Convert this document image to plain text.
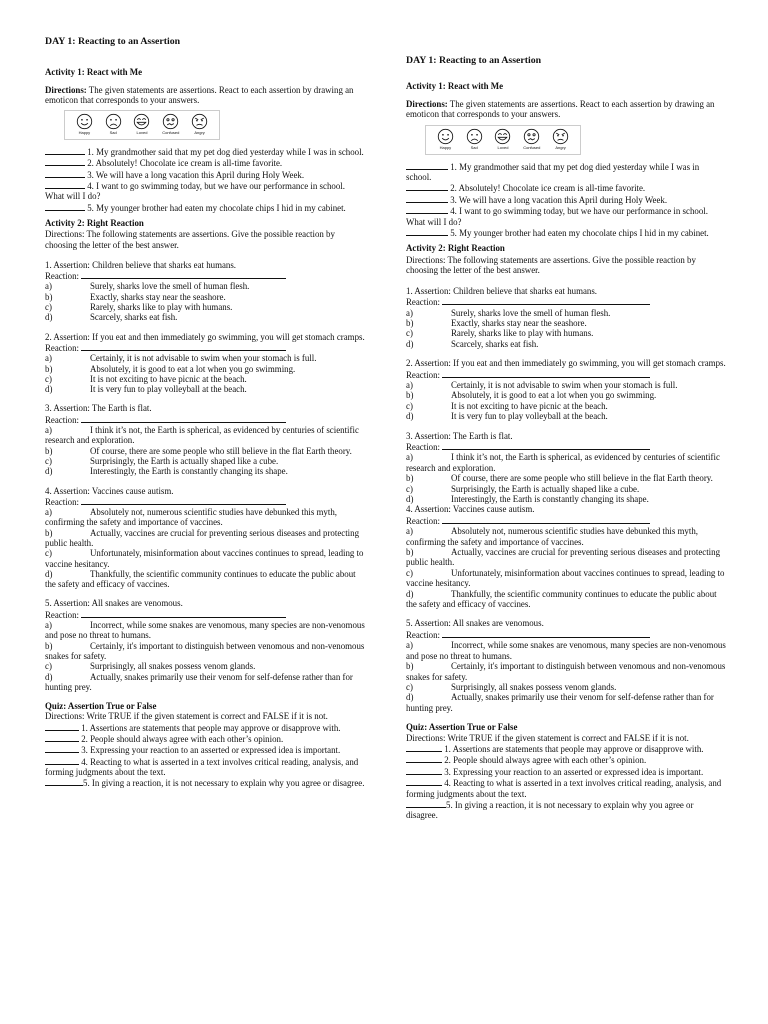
DAY 1: Reacting to an Assertion
Activity 1: React with Me
Directions: The given statements are assertions. React to each assertion by drawing an emoticon that corresponds to your answers.
Happy	Sad	Loved	Confused	Angry
1. My grandmother said that my pet dog died yesterday while I was in school.
2. Absolutely! Chocolate ice cream is all-time favorite.
3. We will have a long vacation this April during Holy Week.
4. I want to go swimming today, but we have our performance in school. What will I do?
5. My younger brother had eaten my chocolate chips I hid in my cabinet.
Activity 2: Right Reaction
Directions: The following statements are assertions. Give the possible reaction by choosing the letter of the best answer.
1. Assertion: Children believe that sharks eat humans.
Reaction:
a)	Surely, sharks love the smell of human flesh.
b)	Exactly, sharks stay near the seashore.
c)	Rarely, sharks like to play with humans.
d)	Scarcely, sharks eat fish.
2. Assertion: If you eat and then immediately go swimming, you will get stomach cramps.
Reaction:
a)	Certainly, it is not advisable to swim when your stomach is full.
b)	Absolutely, it is good to eat a lot when you go swimming.
c)	It is not exciting to have picnic at the beach.
d)	It is very fun to play volleyball at the beach.
3. Assertion: The Earth is flat.
Reaction:
a)	I think it’s not, the Earth is spherical, as evidenced by centuries of scientific research and exploration.
b)	Of course, there are some people who still believe in the flat Earth theory.
c)	Surprisingly, the Earth is actually shaped like a cube.
d)	Interestingly, the Earth is constantly changing its shape.
4. Assertion: Vaccines cause autism.
Reaction:
a)	Absolutely not, numerous scientific studies have debunked this myth, confirming the safety and importance of vaccines.
b)	Actually, vaccines are crucial for preventing serious diseases and protecting public health.
c)	Unfortunately, misinformation about vaccines continues to spread, leading to vaccine hesitancy.
d)	Thankfully, the scientific community continues to educate the public about the safety and efficacy of vaccines.
5. Assertion: All snakes are venomous.
Reaction:
a)	Incorrect, while some snakes are venomous, many species are non-venomous and pose no threat to humans.
b)	Certainly, it's important to distinguish between venomous and non-venomous snakes for safety.
c)	Surprisingly, all snakes possess venom glands.
d)	Actually, snakes primarily use their venom for self-defense rather than for hunting prey.
Quiz: Assertion True or False
Directions: Write TRUE if the given statement is correct and FALSE if it is not.
1. Assertions are statements that people may approve or disapprove with.
2. People should always agree with each other’s opinion.
3. Expressing your reaction to an asserted or expressed idea is important.
4. Reacting to what is asserted in a text involves critical reading, analysis, and forming judgments about the text.
5. In giving a reaction, it is not necessary to explain why you agree or disagree.
DAY 1: Reacting to an Assertion
Activity 1: React with Me
Directions: The given statements are assertions. React to each assertion by drawing an emoticon that corresponds to your answers.
Happy	Sad	Loved	Confused	Angry
1. My grandmother said that my pet dog died yesterday while I was in school.
2. Absolutely! Chocolate ice cream is all-time favorite.
3. We will have a long vacation this April during Holy Week.
4. I want to go swimming today, but we have our performance in school. What will I do?
5. My younger brother had eaten my chocolate chips I hid in my cabinet.
Activity 2: Right Reaction
Directions: The following statements are assertions. Give the possible reaction by choosing the letter of the best answer.
1. Assertion: Children believe that sharks eat humans.
Reaction:
a)	Surely, sharks love the smell of human flesh.
b)	Exactly, sharks stay near the seashore.
c)	Rarely, sharks like to play with humans.
d)	Scarcely, sharks eat fish.
2. Assertion: If you eat and then immediately go swimming, you will get stomach cramps.
Reaction:
a)	Certainly, it is not advisable to swim when your stomach is full.
b)	Absolutely, it is good to eat a lot when you go swimming.
c)	It is not exciting to have picnic at the beach.
d)	It is very fun to play volleyball at the beach.
3. Assertion: The Earth is flat.
Reaction:
a)	I think it’s not, the Earth is spherical, as evidenced by centuries of scientific research and exploration.
b)	Of course, there are some people who still believe in the flat Earth theory.
c)	Surprisingly, the Earth is actually shaped like a cube.
d)	Interestingly, the Earth is constantly changing its shape.
4. Assertion: Vaccines cause autism.
Reaction:
a)	Absolutely not, numerous scientific studies have debunked this myth, confirming the safety and importance of vaccines.
b)	Actually, vaccines are crucial for preventing serious diseases and protecting public health.
c)	Unfortunately, misinformation about vaccines continues to spread, leading to vaccine hesitancy.
d)	Thankfully, the scientific community continues to educate the public about the safety and efficacy of vaccines.
5. Assertion: All snakes are venomous.
Reaction:
a)	Incorrect, while some snakes are venomous, many species are non-venomous and pose no threat to humans.
b)	Certainly, it's important to distinguish between venomous and non-venomous snakes for safety.
c)	Surprisingly, all snakes possess venom glands.
d)	Actually, snakes primarily use their venom for self-defense rather than for hunting prey.
Quiz: Assertion True or False
Directions: Write TRUE if the given statement is correct and FALSE if it is not.
1. Assertions are statements that people may approve or disapprove with.
2. People should always agree with each other’s opinion.
3. Expressing your reaction to an asserted or expressed idea is important.
4. Reacting to what is asserted in a text involves critical reading, analysis, and forming judgments about the text.
5. In giving a reaction, it is not necessary to explain why you agree or disagree.
